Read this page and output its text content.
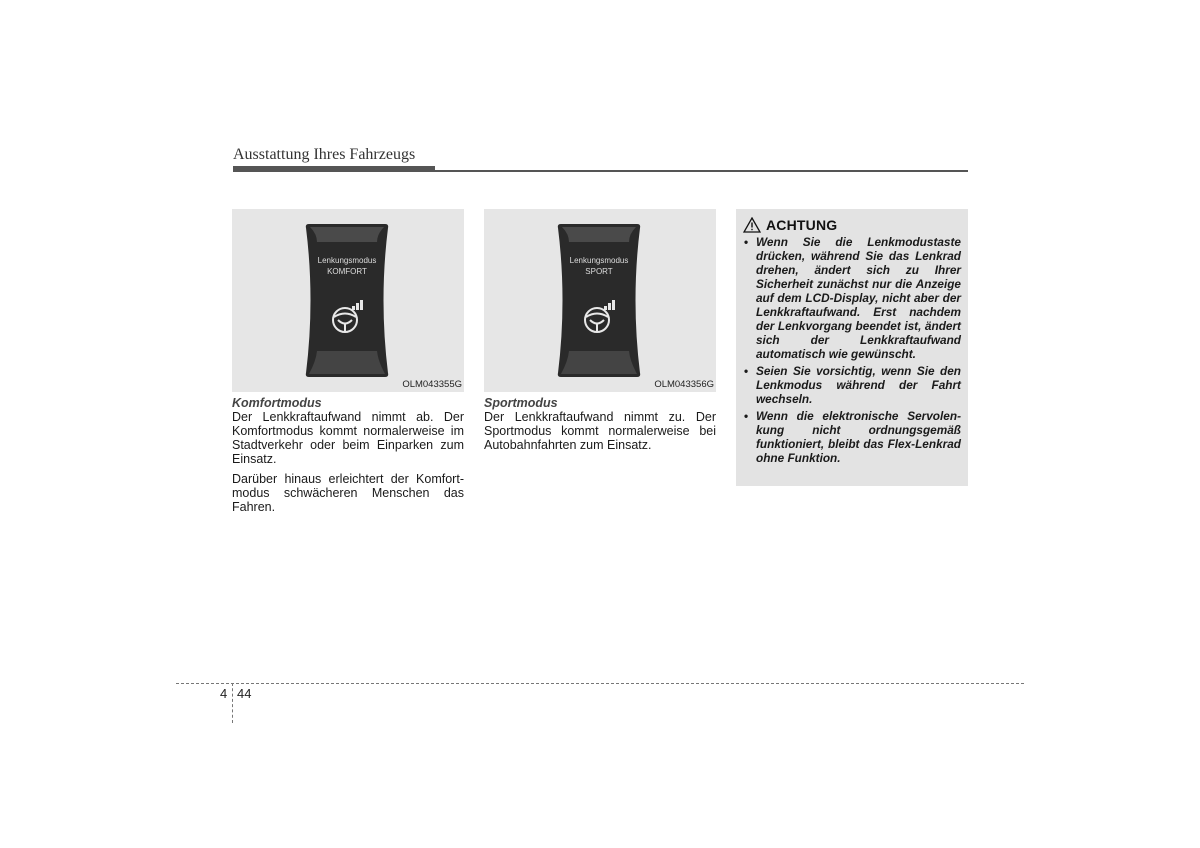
Ausstattung Ihres Fahrzeugs
Lenkungsmodus
KOMFORT
OLM043355G
Komfortmodus

Der Lenkkraftaufwand nimmt ab. Der Komfortmodus kommt normalerweise im Stadtverkehr oder beim Einparken zum Einsatz.

Darüber hinaus erleichtert der Komfortmodus schwächeren Menschen das Fahren.

Lenkungsmodus
SPORT
OLM043356G
Sportmodus

Der Lenkkraftaufwand nimmt zu. Der Sportmodus kommt normalerweise bei Autobahnfahrten zum Einsatz.

ACHTUNG
• Wenn Sie die Lenkmodustaste drücken, während Sie das Lenkrad drehen, ändert sich zu Ihrer Sicherheit zunächst nur die Anzeige auf dem LCD-Display, nicht aber der Lenkkraftaufwand. Erst nachdem der Lenkvorgang beendet ist, ändert sich der Lenkkraftaufwand automatisch wie gewünscht.
• Seien Sie vorsichtig, wenn Sie den Lenkmodus während der Fahrt wechseln.
• Wenn die elektronische Servolenkung nicht ordnungsgemäß funktioniert, bleibt das Flex-Lenkrad ohne Funktion.
4 44
